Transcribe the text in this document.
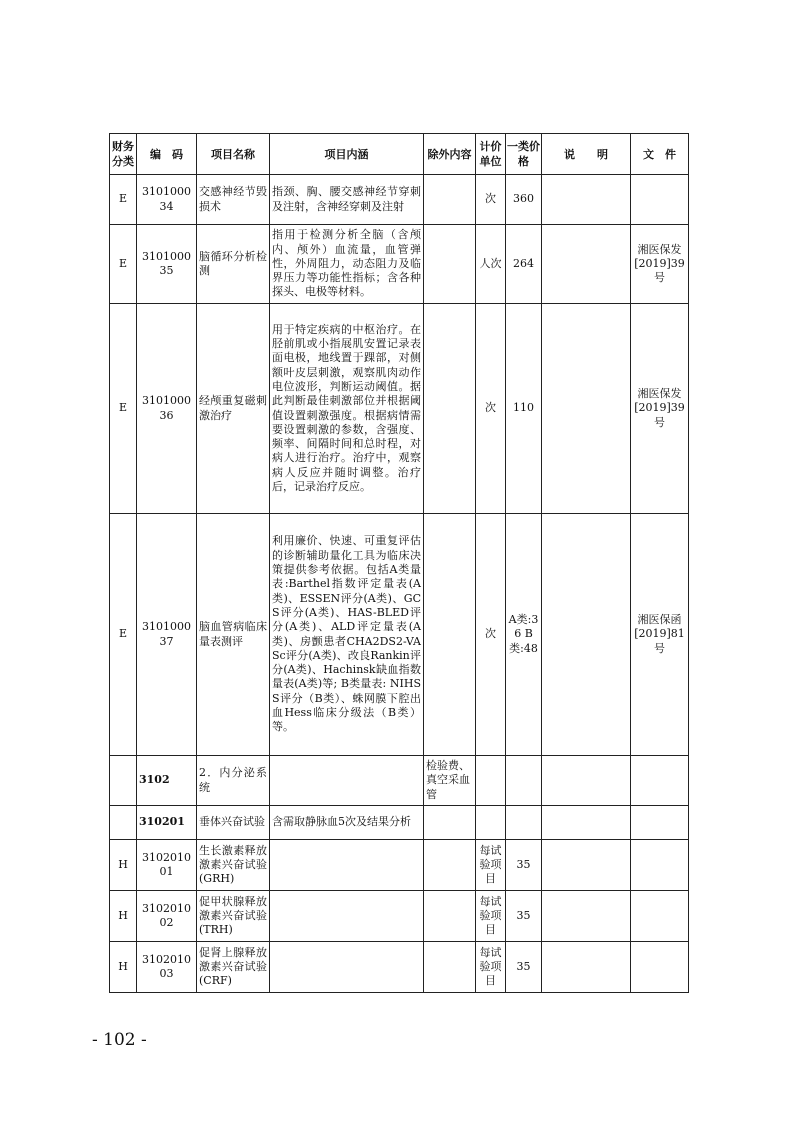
财务分类	编　码	项目名称	项目内涵	除外内容	计价单位	一类价格	说　　明	文　件
E	310100034	交感神经节毁损术	指颈、胸、腰交感神经节穿刺及注射，含神经穿刺及注射		次	360		
E	310100035	脑循环分析检测	指用于检测分析全脑（含颅内、颅外）血流量，血管弹性，外周阻力，动态阻力及临界压力等功能性指标；含各种探头、电极等材料。		人次	264		湘医保发[2019]39号
E	310100036	经颅重复磁刺激治疗	用于特定疾病的中枢治疗。在胫前肌或小指展肌安置记录表面电极，地线置于踝部，对侧额叶皮层刺激，观察肌肉动作电位波形，判断运动阈值。据此判断最佳刺激部位并根据阈值设置刺激强度。根据病情需要设置刺激的参数，含强度、频率、间隔时间和总时程，对病人进行治疗。治疗中，观察病人反应并随时调整。治疗后，记录治疗反应。		次	110		湘医保发[2019]39号
E	310100037	脑血管病临床量表测评	利用廉价、快速、可重复评估的诊断辅助量化工具为临床决策提供参考依据。包括A类量表:Barthel指数评定量表(A类)、ESSEN评分(A类)、GCS评分(A类)、HAS-BLED评分(A类)、ALD评定量表(A类)、房颤患者CHA2DS2-VASc评分(A类)、改良Rankin评分(A类)、Hachinsk缺血指数量表(A类)等; B类量表: NIHSS评分（B类）、蛛网膜下腔出血Hess临床分级法（B类）等。		次	A类:36 B类:48		湘医保函[2019]81号
	3102	2．内分泌系统		检验费、真空采血管				
	310201	垂体兴奋试验	含需取静脉血5次及结果分析					
H	310201001	生长激素释放激素兴奋试验(GRH)			每试验项目	35		
H	310201002	促甲状腺释放激素兴奋试验(TRH)			每试验项目	35		
H	310201003	促肾上腺释放激素兴奋试验(CRF)			每试验项目	35		
- 102 -
